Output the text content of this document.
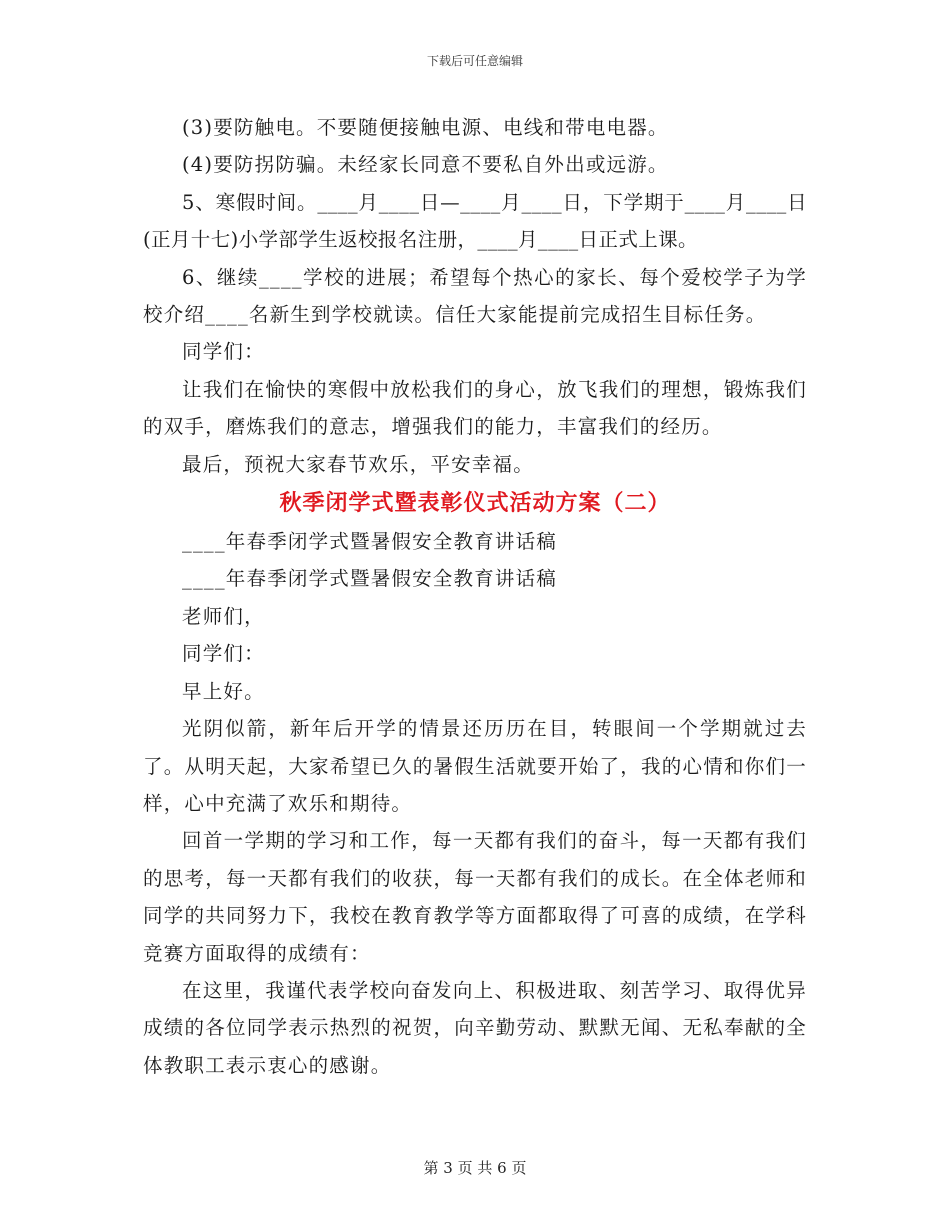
下载后可任意编辑

(3)要防触电。不要随便接触电源、电线和带电电器。

(4)要防拐防骗。未经家长同意不要私自外出或远游。

5、寒假时间。____月____日—____月____日，下学期于____月____日(正月十七)小学部学生返校报名注册，____月____日正式上课。

6、继续____学校的进展；希望每个热心的家长、每个爱校学子为学校介绍____名新生到学校就读。信任大家能提前完成招生目标任务。

同学们：

让我们在愉快的寒假中放松我们的身心，放飞我们的理想，锻炼我们的双手，磨炼我们的意志，增强我们的能力，丰富我们的经历。

最后，预祝大家春节欢乐，平安幸福。

秋季闭学式暨表彰仪式活动方案（二）

____年春季闭学式暨暑假安全教育讲话稿

____年春季闭学式暨暑假安全教育讲话稿

老师们，

同学们：

早上好。

光阴似箭，新年后开学的情景还历历在目，转眼间一个学期就过去了。从明天起，大家希望已久的暑假生活就要开始了，我的心情和你们一样，心中充满了欢乐和期待。

回首一学期的学习和工作，每一天都有我们的奋斗，每一天都有我们的思考，每一天都有我们的收获，每一天都有我们的成长。在全体老师和同学的共同努力下，我校在教育教学等方面都取得了可喜的成绩，在学科竞赛方面取得的成绩有：

在这里，我谨代表学校向奋发向上、积极进取、刻苦学习、取得优异成绩的各位同学表示热烈的祝贺，向辛勤劳动、默默无闻、无私奉献的全体教职工表示衷心的感谢。

第 3 页 共 6 页
